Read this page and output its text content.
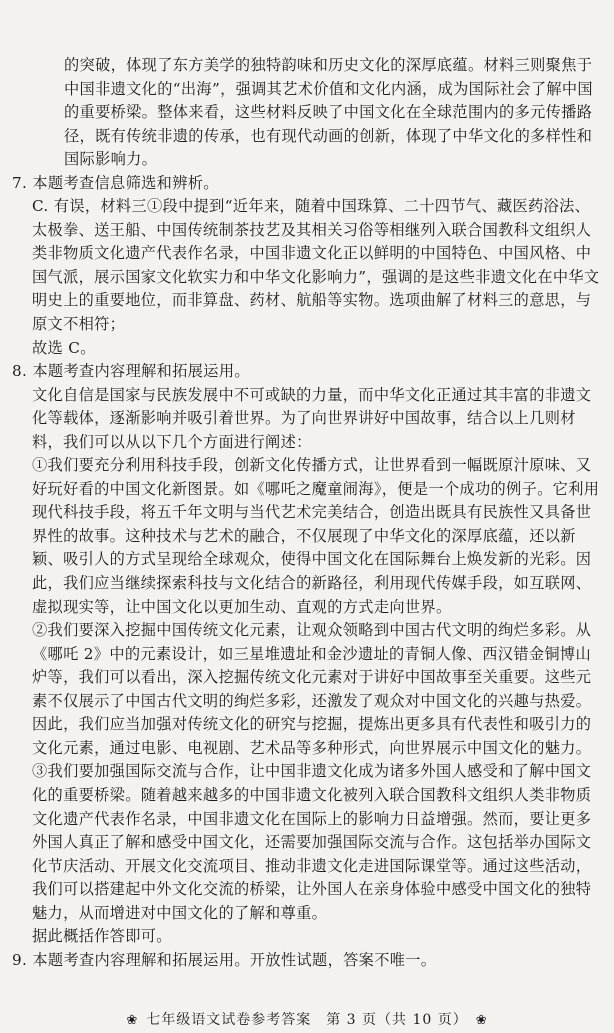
的突破，体现了东方美学的独特韵味和历史文化的深厚底蕴。材料三则聚焦于中国非遗文化的“出海”，强调其艺术价值和文化内涵，成为国际社会了解中国的重要桥梁。整体来看，这些材料反映了中国文化在全球范围内的多元传播路径，既有传统非遗的传承，也有现代动画的创新，体现了中华文化的多样性和国际影响力。

7. 本题考查信息筛选和辨析。

C. 有误，材料三①段中提到“近年来，随着中国珠算、二十四节气、藏医药浴法、太极拳、送王船、中国传统制茶技艺及其相关习俗等相继列入联合国教科文组织人类非物质文化遗产代表作名录，中国非遗文化正以鲜明的中国特色、中国风格、中国气派，展示国家文化软实力和中华文化影响力”，强调的是这些非遗文化在中华文明史上的重要地位，而非算盘、药材、航船等实物。选项曲解了材料三的意思，与原文不相符；

故选 C。

8. 本题考查内容理解和拓展运用。

文化自信是国家与民族发展中不可或缺的力量，而中华文化正通过其丰富的非遗文化等载体，逐渐影响并吸引着世界。为了向世界讲好中国故事，结合以上几则材料，我们可以从以下几个方面进行阐述：

①我们要充分利用科技手段，创新文化传播方式，让世界看到一幅既原汁原味、又好玩好看的中国文化新图景。如《哪吒之魔童闹海》，便是一个成功的例子。它利用现代科技手段，将五千年文明与当代艺术完美结合，创造出既具有民族性又具备世界性的故事。这种技术与艺术的融合，不仅展现了中华文化的深厚底蕴，还以新颖、吸引人的方式呈现给全球观众，使得中国文化在国际舞台上焕发新的光彩。因此，我们应当继续探索科技与文化结合的新路径，利用现代传媒手段，如互联网、虚拟现实等，让中国文化以更加生动、直观的方式走向世界。

②我们要深入挖掘中国传统文化元素，让观众领略到中国古代文明的绚烂多彩。从《哪吒 2》中的元素设计，如三星堆遗址和金沙遗址的青铜人像、西汉错金铜博山炉等，我们可以看出，深入挖掘传统文化元素对于讲好中国故事至关重要。这些元素不仅展示了中国古代文明的绚烂多彩，还激发了观众对中国文化的兴趣与热爱。因此，我们应当加强对传统文化的研究与挖掘，提炼出更多具有代表性和吸引力的文化元素，通过电影、电视剧、艺术品等多种形式，向世界展示中国文化的魅力。

③我们要加强国际交流与合作，让中国非遗文化成为诸多外国人感受和了解中国文化的重要桥梁。随着越来越多的中国非遗文化被列入联合国教科文组织人类非物质文化遗产代表作名录，中国非遗文化在国际上的影响力日益增强。然而，要让更多外国人真正了解和感受中国文化，还需要加强国际交流与合作。这包括举办国际文化节庆活动、开展文化交流项目、推动非遗文化走进国际课堂等。通过这些活动，我们可以搭建起中外文化交流的桥梁，让外国人在亲身体验中感受中国文化的独特魅力，从而增进对中国文化的了解和尊重。

据此概括作答即可。

9. 本题考查内容理解和拓展运用。开放性试题，答案不唯一。

❀ 七年级语文试卷参考答案　第 3 页（共 10 页） ❀
